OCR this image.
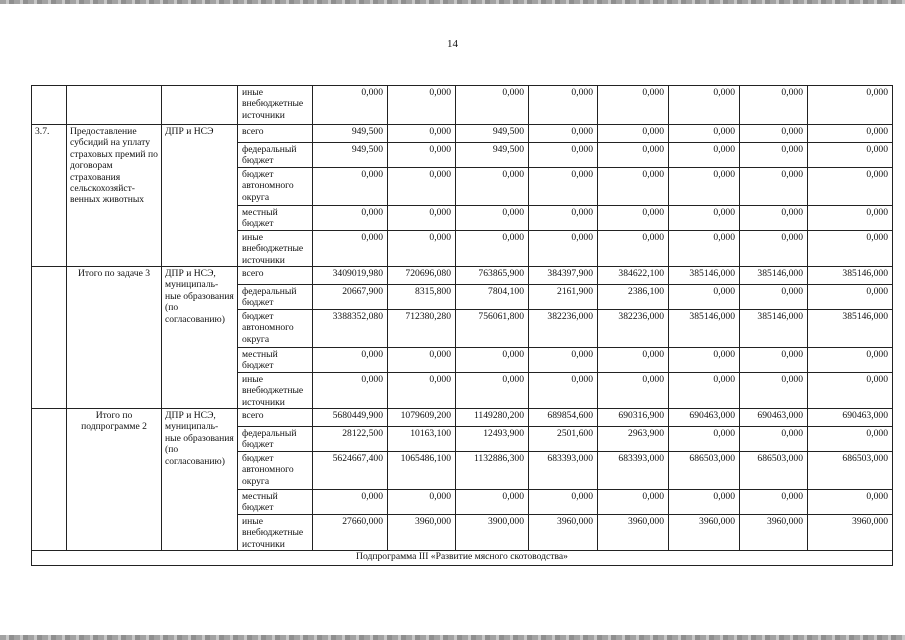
14
			иные внебюджетные источники	0,000	0,000	0,000	0,000	0,000	0,000	0,000	0,000
3.7.	Предоставление субсидий на уплату страховых премий по договорам страхования сельскохозяйст-венных животных	ДПР и НСЭ	всего	949,500	0,000	949,500	0,000	0,000	0,000	0,000	0,000
			федеральный бюджет	949,500	0,000	949,500	0,000	0,000	0,000	0,000	0,000
			бюджет автономного округа	0,000	0,000	0,000	0,000	0,000	0,000	0,000	0,000
			местный бюджет	0,000	0,000	0,000	0,000	0,000	0,000	0,000	0,000
			иные внебюджетные источники	0,000	0,000	0,000	0,000	0,000	0,000	0,000	0,000
	Итого по задаче 3	ДПР и НСЭ, муниципаль-ные образования (по согласованию)	всего	3409019,980	720696,080	763865,900	384397,900	384622,100	385146,000	385146,000	385146,000
			федеральный бюджет	20667,900	8315,800	7804,100	2161,900	2386,100	0,000	0,000	0,000
			бюджет автономного округа	3388352,080	712380,280	756061,800	382236,000	382236,000	385146,000	385146,000	385146,000
			местный бюджет	0,000	0,000	0,000	0,000	0,000	0,000	0,000	0,000
			иные внебюджетные источники	0,000	0,000	0,000	0,000	0,000	0,000	0,000	0,000
	Итого по подпрограмме 2	ДПР и НСЭ, муниципаль-ные образования (по согласованию)	всего	5680449,900	1079609,200	1149280,200	689854,600	690316,900	690463,000	690463,000	690463,000
			федеральный бюджет	28122,500	10163,100	12493,900	2501,600	2963,900	0,000	0,000	0,000
			бюджет автономного округа	5624667,400	1065486,100	1132886,300	683393,000	683393,000	686503,000	686503,000	686503,000
			местный бюджет	0,000	0,000	0,000	0,000	0,000	0,000	0,000	0,000
			иные внебюджетные источники	27660,000	3960,000	3900,000	3960,000	3960,000	3960,000	3960,000	3960,000
Подпрограмма III «Развитие мясного скотоводства»											
